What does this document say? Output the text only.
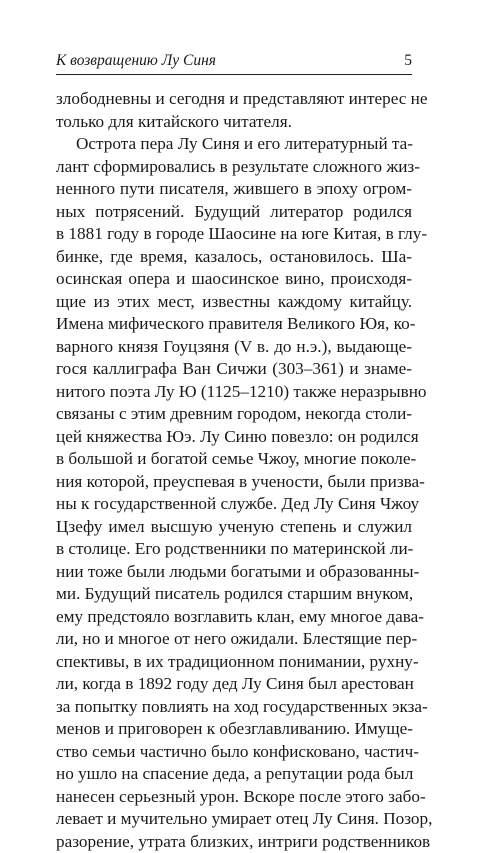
К возвращению Лу Синя	5
злободневны и сегодня и представляют интерес не
только для китайского читателя.
Острота пера Лу Синя и его литературный та-
лант сформировались в результате сложного жиз-
ненного пути писателя, жившего в эпоху огром-
ных потрясений. Будущий литератор родился
в 1881 году в городе Шаосине на юге Китая, в глу-
бинке, где время, казалось, остановилось. Ша-
осинская опера и шаосинское вино, происходя-
щие из этих мест, известны каждому китайцу.
Имена мифического правителя Великого Юя, ко-
варного князя Гоуцзяня (V в. до н.э.), выдающе-
гося каллиграфа Ван Сичжи (303–361) и знаме-
нитого поэта Лу Ю (1125–1210) также неразрывно
связаны с этим древним городом, некогда столи-
цей княжества Юэ. Лу Синю повезло: он родился
в большой и богатой семье Чжоу, многие поколе-
ния которой, преуспевая в учености, были призва-
ны к государственной службе. Дед Лу Синя Чжоу
Цзефу имел высшую ученую степень и служил
в столице. Его родственники по материнской ли-
нии тоже были людьми богатыми и образованны-
ми. Будущий писатель родился старшим внуком,
ему предстояло возглавить клан, ему многое дава-
ли, но и многое от него ожидали. Блестящие пер-
спективы, в их традиционном понимании, рухну-
ли, когда в 1892 году дед Лу Синя был арестован
за попытку повлиять на ход государственных экза-
менов и приговорен к обезглавливанию. Имуще-
ство семьи частично было конфисковано, частич-
но ушло на спасение деда, а репутации рода был
нанесен серьезный урон. Вскоре после этого забо-
левает и мучительно умирает отец Лу Синя. Позор,
разорение, утрата близких, интриги родственников
